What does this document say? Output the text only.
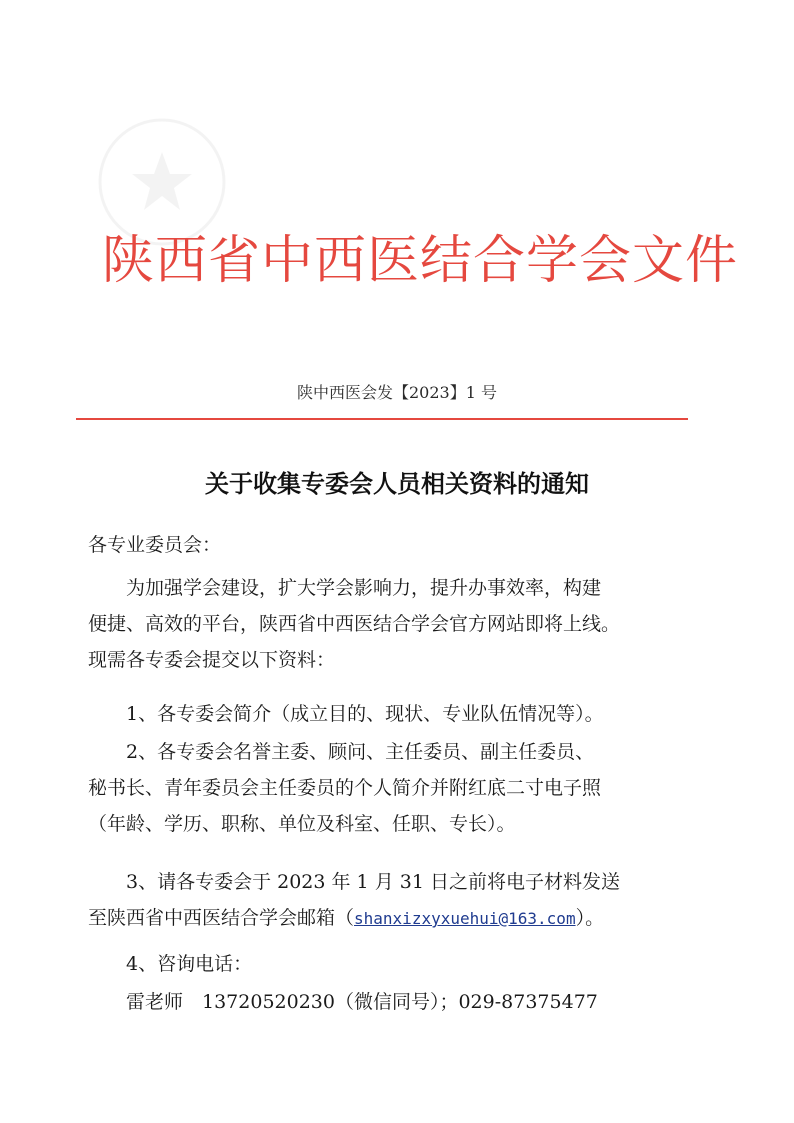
陕西省中西医结合学会文件
陕中西医会发【2023】1 号
关于收集专委会人员相关资料的通知
各专业委员会：
为加强学会建设，扩大学会影响力，提升办事效率，构建
便捷、高效的平台，陕西省中西医结合学会官方网站即将上线。
现需各专委会提交以下资料：
1、各专委会简介（成立目的、现状、专业队伍情况等）。
2、各专委会名誉主委、顾问、主任委员、副主任委员、
秘书长、青年委员会主任委员的个人简介并附红底二寸电子照
（年龄、学历、职称、单位及科室、任职、专长）。
3、请各专委会于 2023 年 1 月 31 日之前将电子材料发送
至陕西省中西医结合学会邮箱（shanxizxyxuehui@163.com）。
4、咨询电话：
雷老师　13720520230（微信同号）；029-87375477
